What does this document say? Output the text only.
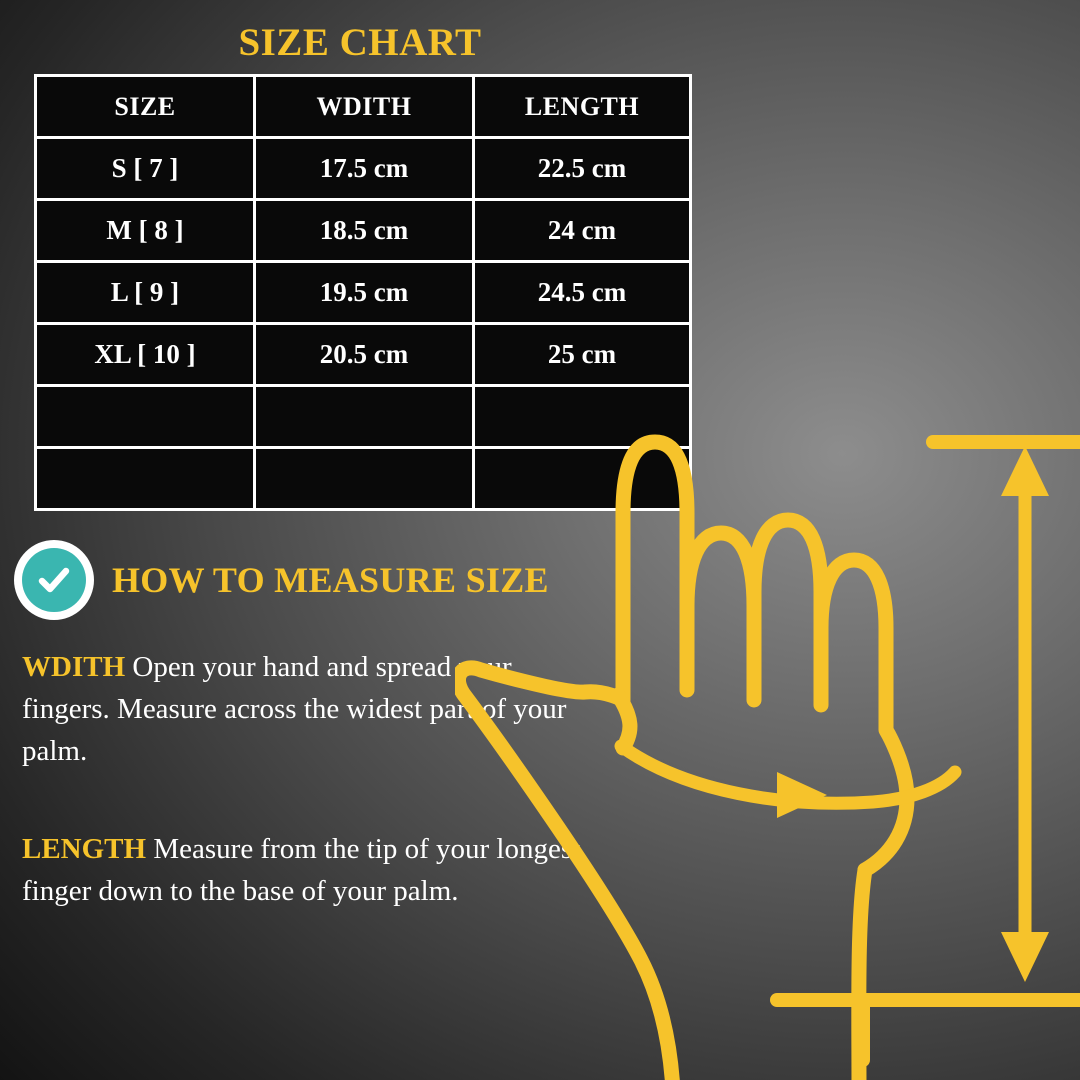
SIZE CHART
SIZE	WDITH	LENGTH
S [ 7 ]	17.5 cm	22.5 cm
M [ 8 ]	18.5 cm	24 cm
L [ 9 ]	19.5 cm	24.5 cm
XL [ 10 ]	20.5 cm	25 cm

HOW TO MEASURE SIZE
WDITH Open your hand and spread your fingers. Measure across the widest part of your palm.
LENGTH Measure from the tip of your longest finger down to the base of your palm.
